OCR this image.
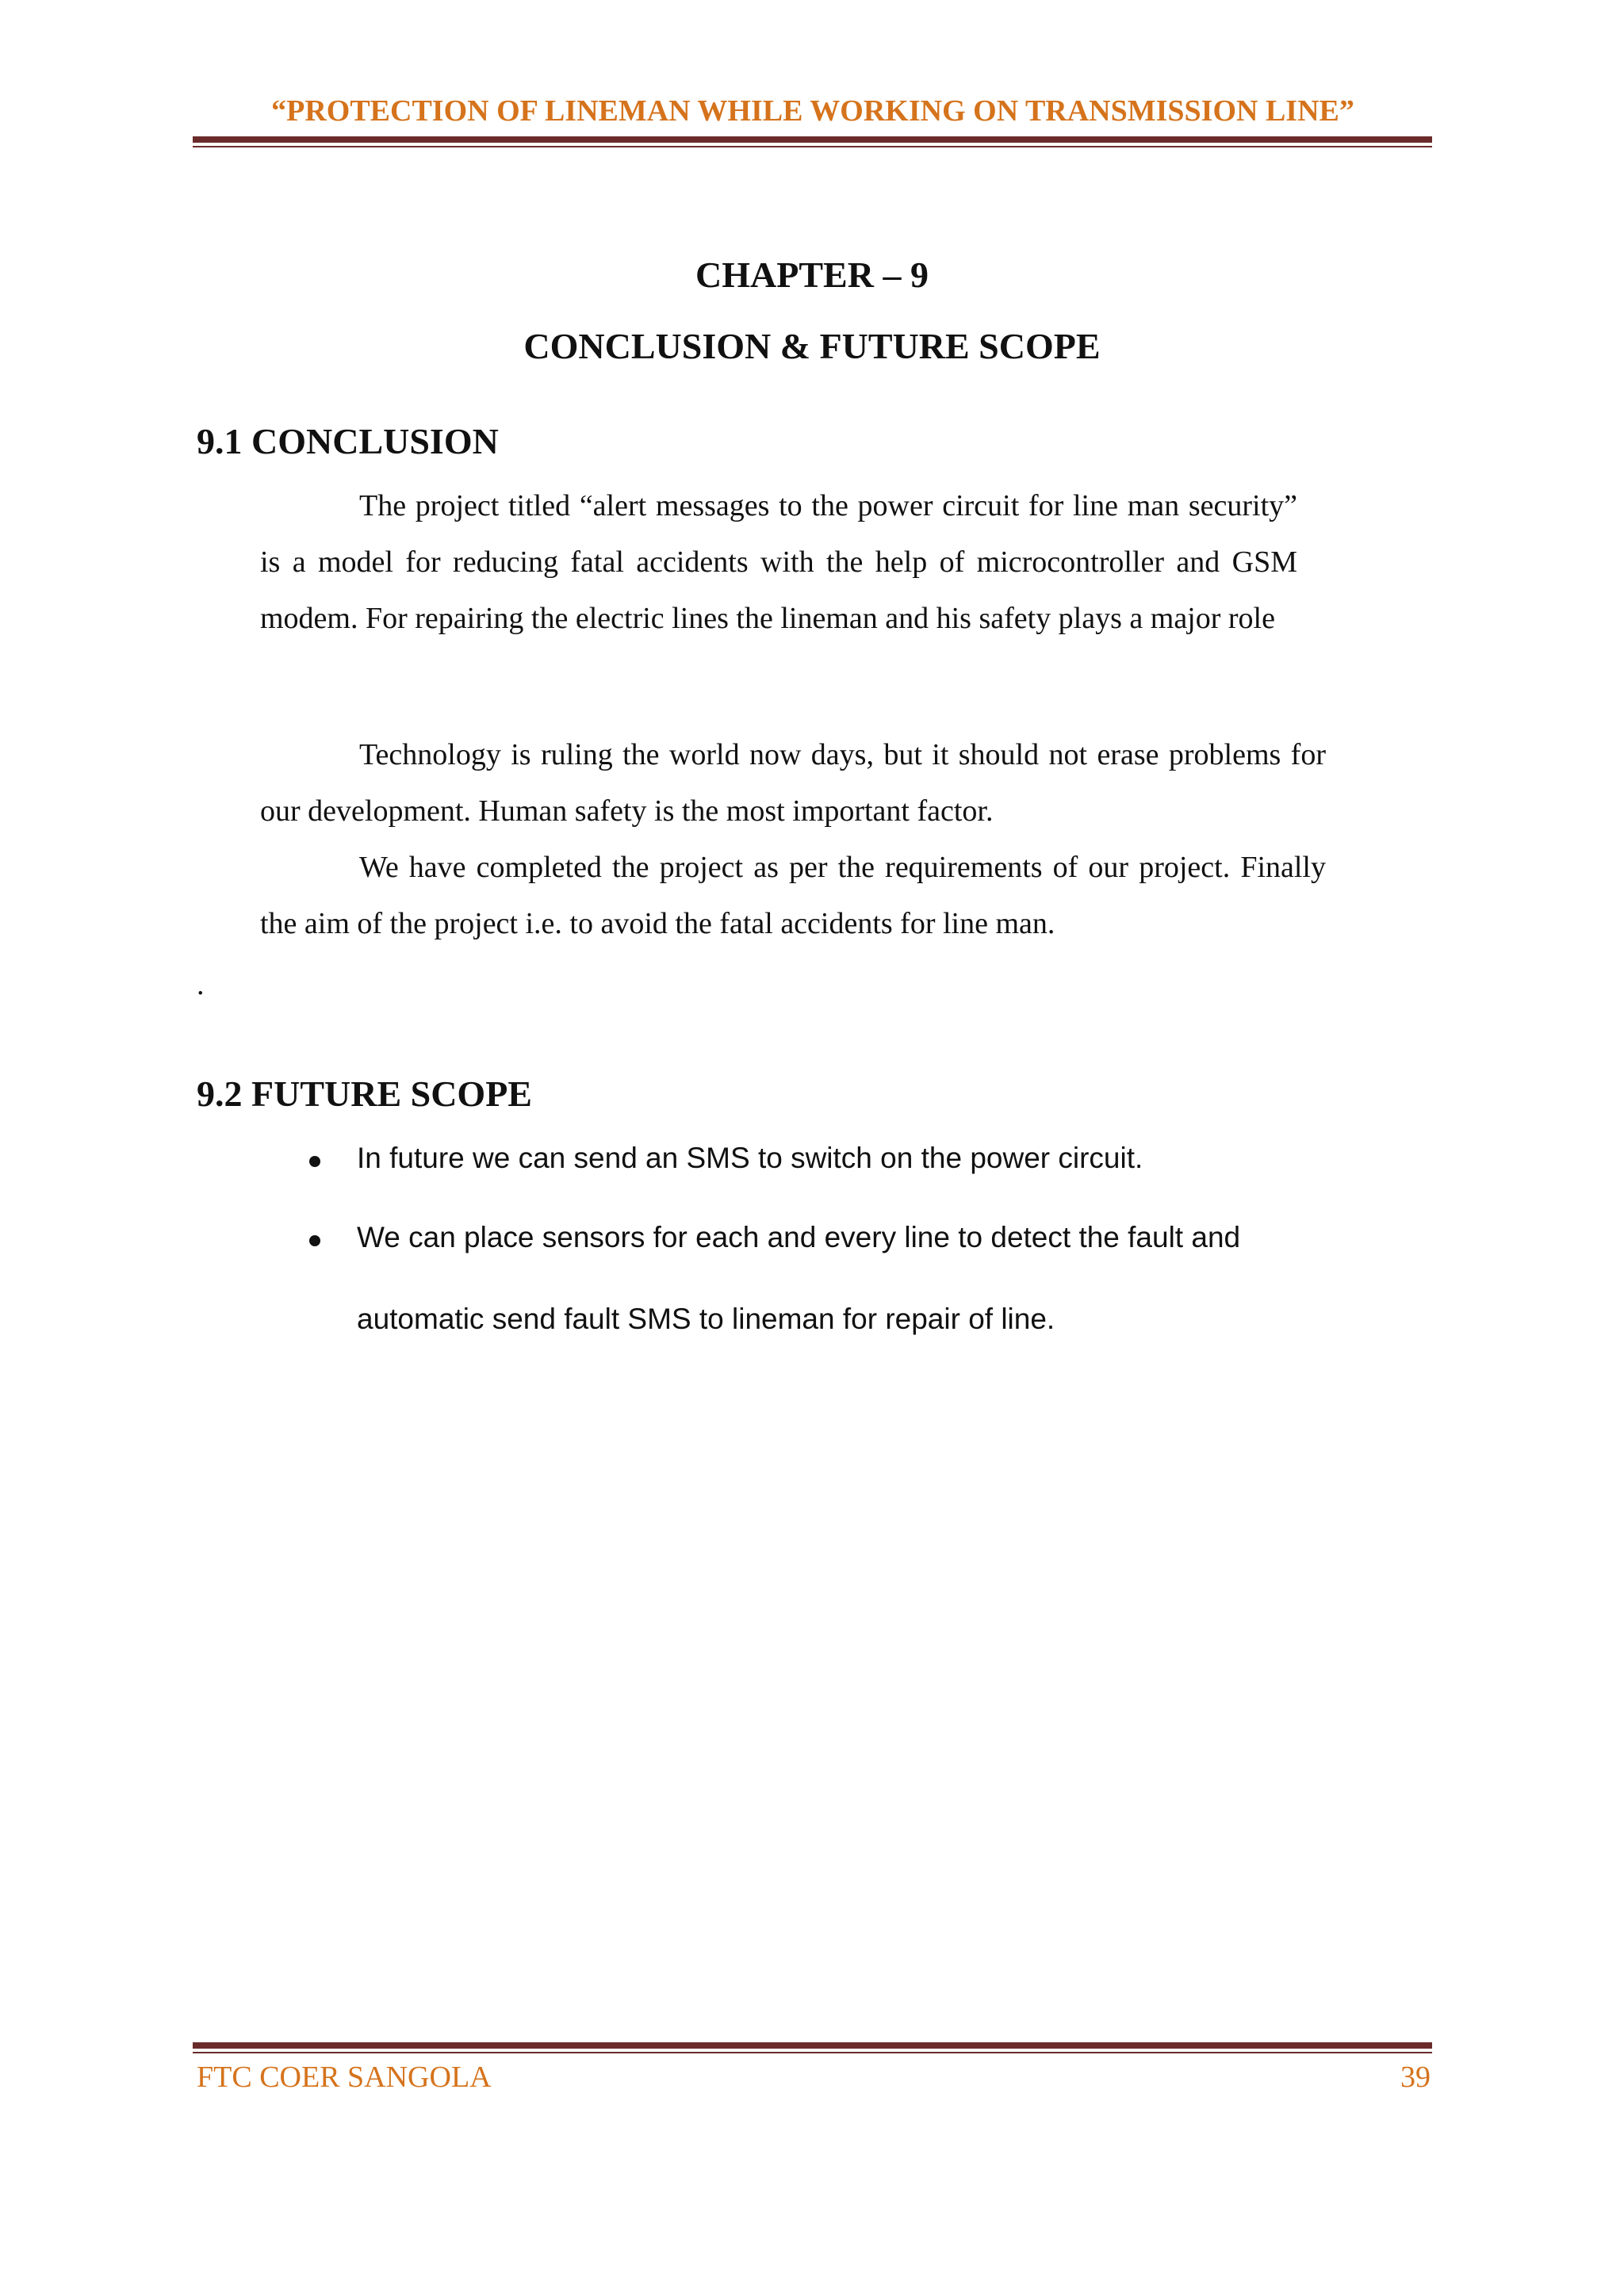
“PROTECTION OF LINEMAN WHILE WORKING ON TRANSMISSION LINE”
CHAPTER – 9
CONCLUSION & FUTURE SCOPE
9.1 CONCLUSION
The project titled “alert messages to the power circuit for line man security” is a model for reducing fatal accidents with the help of microcontroller and GSM modem. For repairing the electric lines the lineman and his safety plays a major role
Technology is ruling the world now days, but it should not erase problems for our development. Human safety is the most important factor.
We have completed the project as per the requirements of our project. Finally the aim of the project i.e. to avoid the fatal accidents for line man.
.
9.2 FUTURE SCOPE
In future we can send an SMS to switch on the power circuit.
We can place sensors for each and every line to detect the fault and
automatic send fault SMS to lineman for repair of line.
FTC COER SANGOLA	39
